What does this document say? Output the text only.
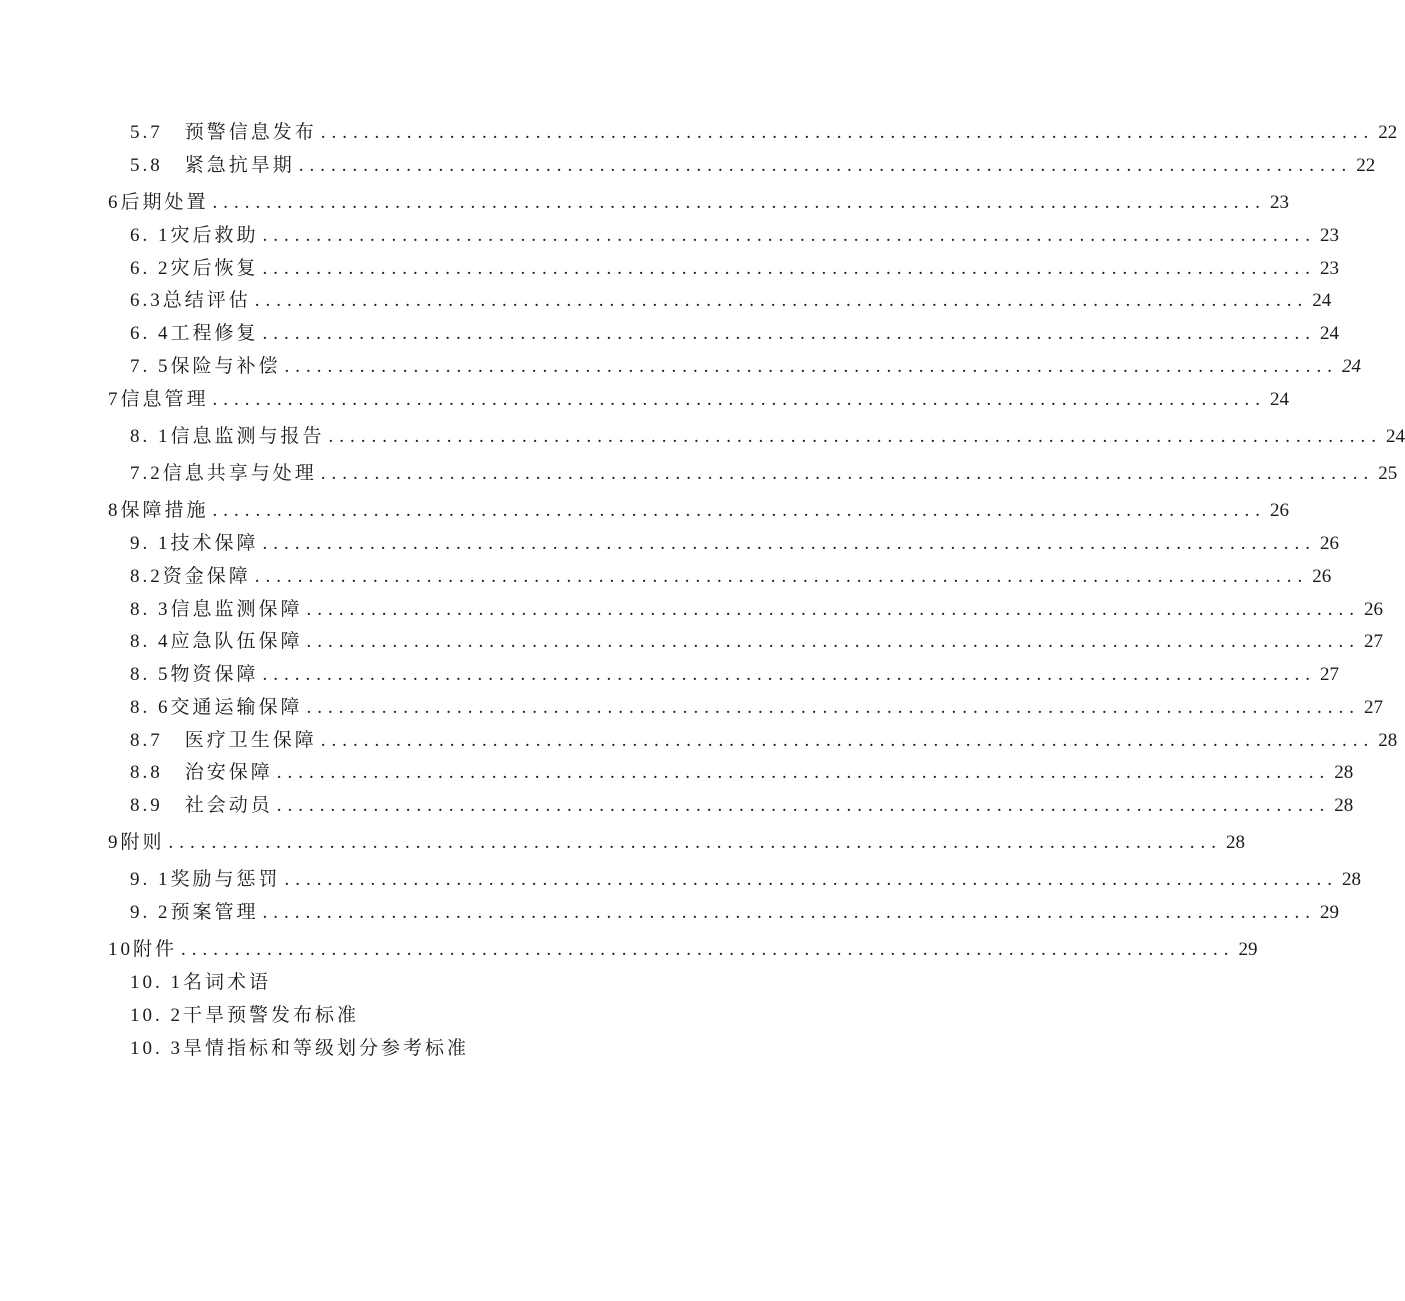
5.7　预警信息发布 .................................................................................................. 22
5.8　紧急抗旱期 .................................................................................................. 22
6后期处置 .................................................................................................. 23
6. 1灾后救助 .................................................................................................. 23
6. 2灾后恢复 .................................................................................................. 23
6.3总结评估 .................................................................................................. 24
6. 4工程修复 .................................................................................................. 24
7. 5保险与补偿 .................................................................................................. 24
7信息管理 .................................................................................................. 24
8. 1信息监测与报告 .................................................................................................. 24
7.2信息共享与处理 .................................................................................................. 25
8保障措施 .................................................................................................. 26
9. 1技术保障 .................................................................................................. 26
8.2资金保障 .................................................................................................. 26
8. 3信息监测保障 .................................................................................................. 26
8. 4应急队伍保障 .................................................................................................. 27
8. 5物资保障 .................................................................................................. 27
8. 6交通运输保障 .................................................................................................. 27
8.7　医疗卫生保障 .................................................................................................. 28
8.8　治安保障 .................................................................................................. 28
8.9　社会动员 .................................................................................................. 28
9附则 .................................................................................................. 28
9. 1奖励与惩罚 .................................................................................................. 28
9. 2预案管理 .................................................................................................. 29
10附件 .................................................................................................. 29
10. 1名词术语
10. 2干旱预警发布标准
10. 3旱情指标和等级划分参考标准
